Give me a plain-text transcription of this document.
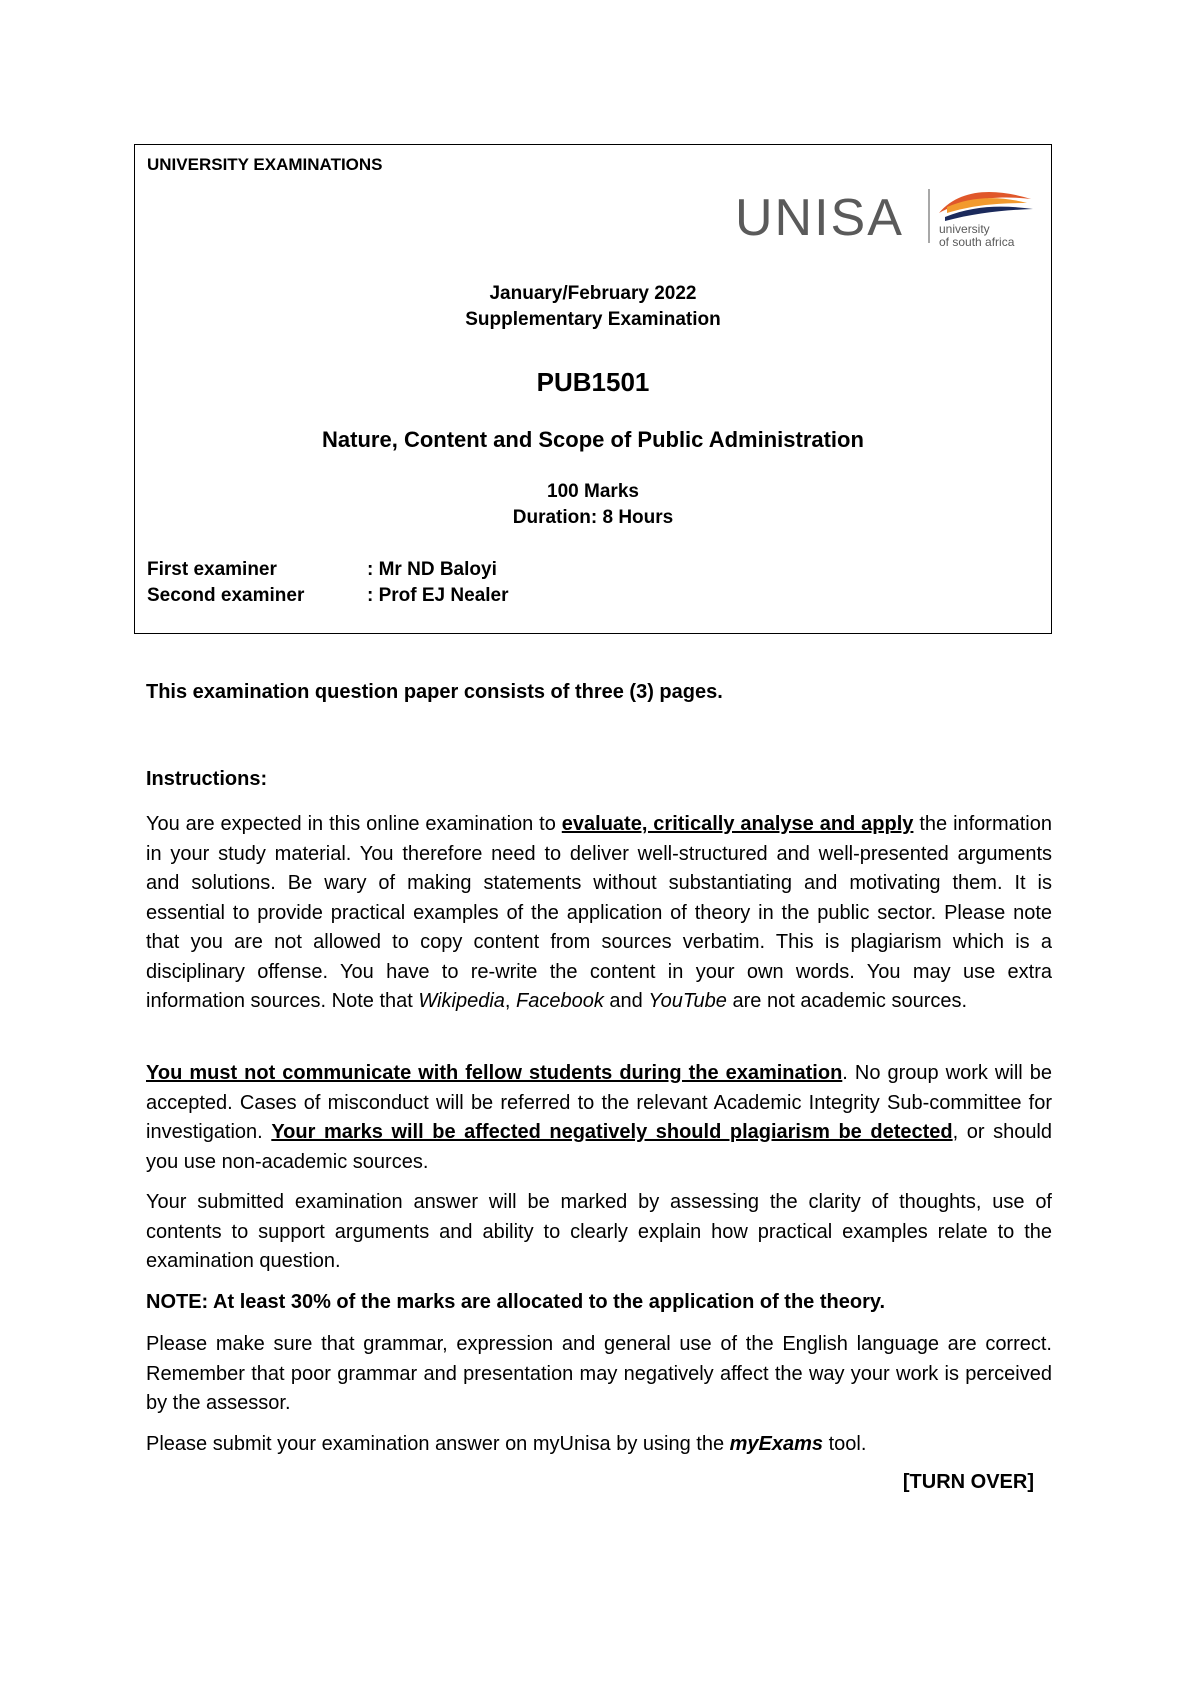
UNIVERSITY EXAMINATIONS
UNISA	university
of south africa
January/February 2022
Supplementary Examination
PUB1501
Nature, Content and Scope of Public Administration
100 Marks
Duration: 8 Hours
First examiner	: Mr ND Baloyi
Second examiner	: Prof EJ Nealer
This examination question paper consists of three (3) pages.
Instructions:

You are expected in this online examination to evaluate, critically analyse and apply the information in your study material. You therefore need to deliver well-structured and well-presented arguments and solutions. Be wary of making statements without substantiating and motivating them. It is essential to provide practical examples of the application of theory in the public sector. Please note that you are not allowed to copy content from sources verbatim. This is plagiarism which is a disciplinary offense. You have to re-write the content in your own words. You may use extra information sources. Note that Wikipedia, Facebook and YouTube are not academic sources.

You must not communicate with fellow students during the examination. No group work will be accepted. Cases of misconduct will be referred to the relevant Academic Integrity Sub-committee for investigation. Your marks will be affected negatively should plagiarism be detected, or should you use non-academic sources.

Your submitted examination answer will be marked by assessing the clarity of thoughts, use of contents to support arguments and ability to clearly explain how practical examples relate to the examination question.

NOTE: At least 30% of the marks are allocated to the application of the theory.

Please make sure that grammar, expression and general use of the English language are correct. Remember that poor grammar and presentation may negatively affect the way your work is perceived by the assessor.

Please submit your examination answer on myUnisa by using the myExams tool.

[TURN OVER]
